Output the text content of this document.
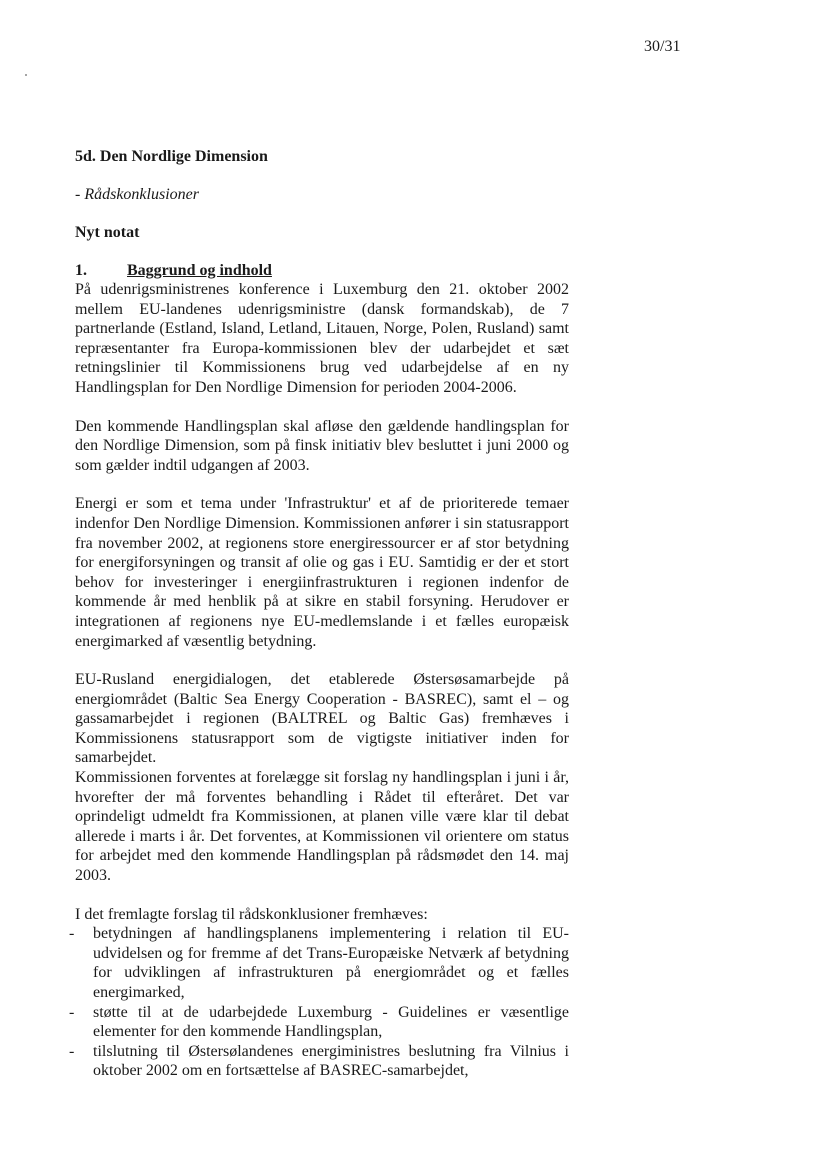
30/31
5d. Den Nordlige Dimension
- Rådskonklusioner
Nyt notat
1.	Baggrund og indhold

På udenrigsministrenes konference i Luxemburg den 21. oktober 2002 mellem EU-landenes udenrigsministre (dansk formandskab), de 7 partnerlande (Estland, Island, Letland, Litauen, Norge, Polen, Rusland) samt repræsentanter fra Europa-kommissionen blev der udarbejdet et sæt retningslinier til Kommissionens brug ved udarbejdelse af en ny Handlingsplan for Den Nordlige Dimension for perioden 2004-2006.

Den kommende Handlingsplan skal afløse den gældende handlingsplan for den Nordlige Dimension, som på finsk initiativ blev besluttet i juni 2000 og som gælder indtil udgangen af 2003.

Energi er som et tema under 'Infrastruktur' et af de prioriterede temaer indenfor Den Nordlige Dimension. Kommissionen anfører i sin statusrapport fra november 2002, at regionens store energiressourcer er af stor betydning for energiforsyningen og transit af olie og gas i EU. Samtidig er der et stort behov for investeringer i energiinfrastrukturen i regionen indenfor de kommende år med henblik på at sikre en stabil forsyning. Herudover er integrationen af regionens nye EU-medlemslande i et fælles europæisk energimarked af væsentlig betydning.

EU-Rusland energidialogen, det etablerede Østersøsamarbejde på energiområdet (Baltic Sea Energy Cooperation - BASREC), samt el – og gassamarbejdet i regionen (BALTREL og Baltic Gas) fremhæves i Kommissionens statusrapport som de vigtigste initiativer inden for samarbejdet.

Kommissionen forventes at forelægge sit forslag ny handlingsplan i juni i år, hvorefter der må forventes behandling i Rådet til efteråret. Det var oprindeligt udmeldt fra Kommissionen, at planen ville være klar til debat allerede i marts i år. Det forventes, at Kommissionen vil orientere om status for arbejdet med den kommende Handlingsplan på rådsmødet den 14. maj 2003.

I det fremlagte forslag til rådskonklusioner fremhæves:

- betydningen af handlingsplanens implementering i relation til EU-udvidelsen og for fremme af det Trans-Europæiske Netværk af betydning for udviklingen af infrastrukturen på energiområdet og et fælles energimarked,
- støtte til at de udarbejdede Luxemburg - Guidelines er væsentlige elementer for den kommende Handlingsplan,
- tilslutning til Østersølandenes energiministres beslutning fra Vilnius i oktober 2002 om en fortsættelse af BASREC-samarbejdet,
